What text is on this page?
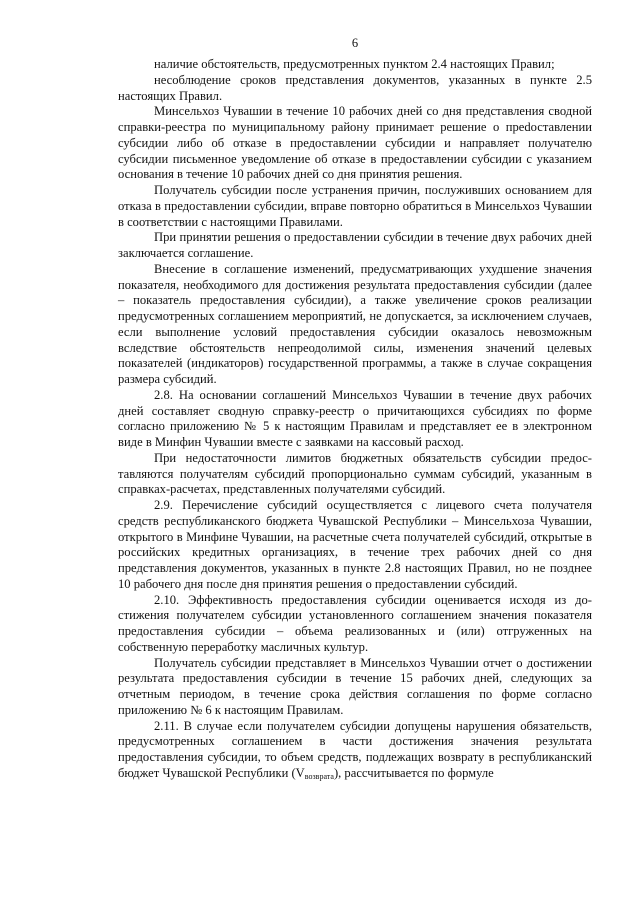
6

наличие обстоятельств, предусмотренных пунктом 2.4 настоящих Правил;

несоблюдение сроков представления документов, указанных в пункте 2.5 настоящих Правил.

Минсельхоз Чувашии в течение 10 рабочих дней со дня представления сводной справки-реестра по муниципальному району принимает решение о преdоставлении субсидии либо об отказе в предоставлении субсидии и направляет получателю субсидии письменное уведомление об отказе в предоставлении субсидии с указанием основания в течение 10 рабочих дней со дня принятия решения.

Получатель субсидии после устранения причин, послуживших основанием для отказа в предоставлении субсидии, вправе повторно обратиться в Минсельхоз Чувашии в соответствии с настоящими Правилами.

При принятии решения о предоставлении субсидии в течение двух рабочих дней заключается соглашение.

Внесение в соглашение изменений, предусматривающих ухудшение значения показателя, необходимого для достижения результата предоставления субсидии (далее – показатель предоставления субсидии), а также увеличение сроков реализации предусмотренных соглашением мероприятий, не допускается, за исключением случаев, если выполнение условий предоставления субсидии оказалось невозможным вследствие обстоятельств непреодолимой силы, изменения значений целевых показателей (индикаторов) государственной программы, а также в случае сокращения размера субсидий.

2.8. На основании соглашений Минсельхоз Чувашии в течение двух рабочих дней составляет сводную справку-реестр о причитающихся субсидиях по форме согласно приложению № 5 к настоящим Правилам и представляет ее в электронном виде в Минфин Чувашии вместе с заявками на кассовый расход.

При недостаточности лимитов бюджетных обязательств субсидии предоставляются получателям субсидий пропорционально суммам субсидий, указанным в справках-расчетах, представленных получателями субсидий.

2.9. Перечисление субсидий осуществляется с лицевого счета получателя средств республиканского бюджета Чувашской Республики – Минсельхоза Чувашии, открытого в Минфине Чувашии, на расчетные счета получателей субсидий, открытые в российских кредитных организациях, в течение трех рабочих дней со дня представления документов, указанных в пункте 2.8 настоящих Правил, но не позднее 10 рабочего дня после дня принятия решения о предоставлении субсидий.

2.10. Эффективность предоставления субсидии оценивается исходя из достижения получателем субсидии установленного соглашением значения показателя предоставления субсидии – объема реализованных и (или) отгруженных на собственную переработку масличных культур.

Получатель субсидии представляет в Минсельхоз Чувашии отчет о достижении результата предоставления субсидии в течение 15 рабочих дней, следующих за отчетным периодом, в течение срока действия соглашения по форме согласно приложению № 6 к настоящим Правилам.

2.11. В случае если получателем субсидии допущены нарушения обязательств, предусмотренных соглашением в части достижения значения результата предоставления субсидии, то объем средств, подлежащих возврату в республиканский бюджет Чувашской Республики $(V_{возврата})$, рассчитывается по формуле
